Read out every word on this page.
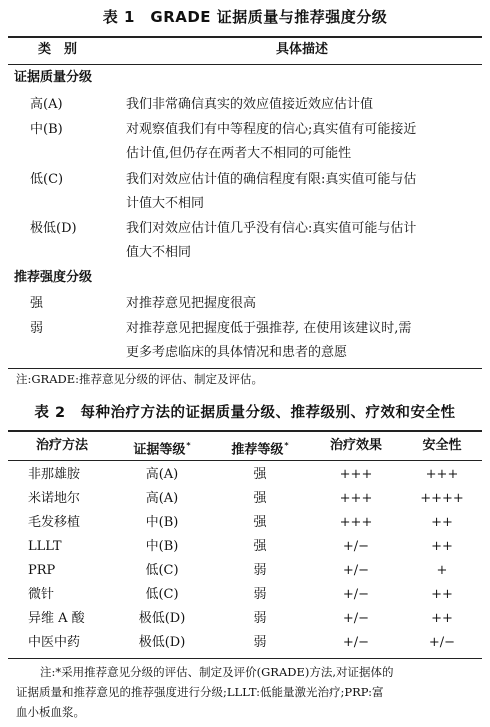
表 1　GRADE 证据质量与推荐强度分级
类　别	具体描述
证据质量分级
高(A)	我们非常确信真实的效应值接近效应估计值
中(B)	对观察值我们有中等程度的信心;真实值有可能接近
估计值,但仍存在两者大不相同的可能性
低(C)	我们对效应估计值的确信程度有限:真实值可能与估
计值大不相同
极低(D)	我们对效应估计值几乎没有信心:真实值可能与估计
值大不相同
推荐强度分级
强	对推荐意见把握度很高
弱	对推荐意见把握度低于强推荐, 在使用该建议时,需
更多考虑临床的具体情况和患者的意愿
注:GRADE:推荐意见分级的评估、制定及评估。
表 2　每种治疗方法的证据质量分级、推荐级别、疗效和安全性
治疗方法	证据等级*	推荐等级*	治疗效果	安全性
非那雄胺	高(A)	强	+++	+++
米诺地尔	高(A)	强	+++	++++
毛发移植	中(B)	强	+++	++
LLLT	中(B)	强	+/−	++
PRP	低(C)	弱	+/−	+
微针	低(C)	弱	+/−	++
异维 A 酸	极低(D)	弱	+/−	++
中医中药	极低(D)	弱	+/−	+/−
注:*采用推荐意见分级的评估、制定及评价(GRADE)方法,对证据体的
证据质量和推荐意见的推荐强度进行分级;LLLT:低能量激光治疗;PRP:富
血小板血浆。
